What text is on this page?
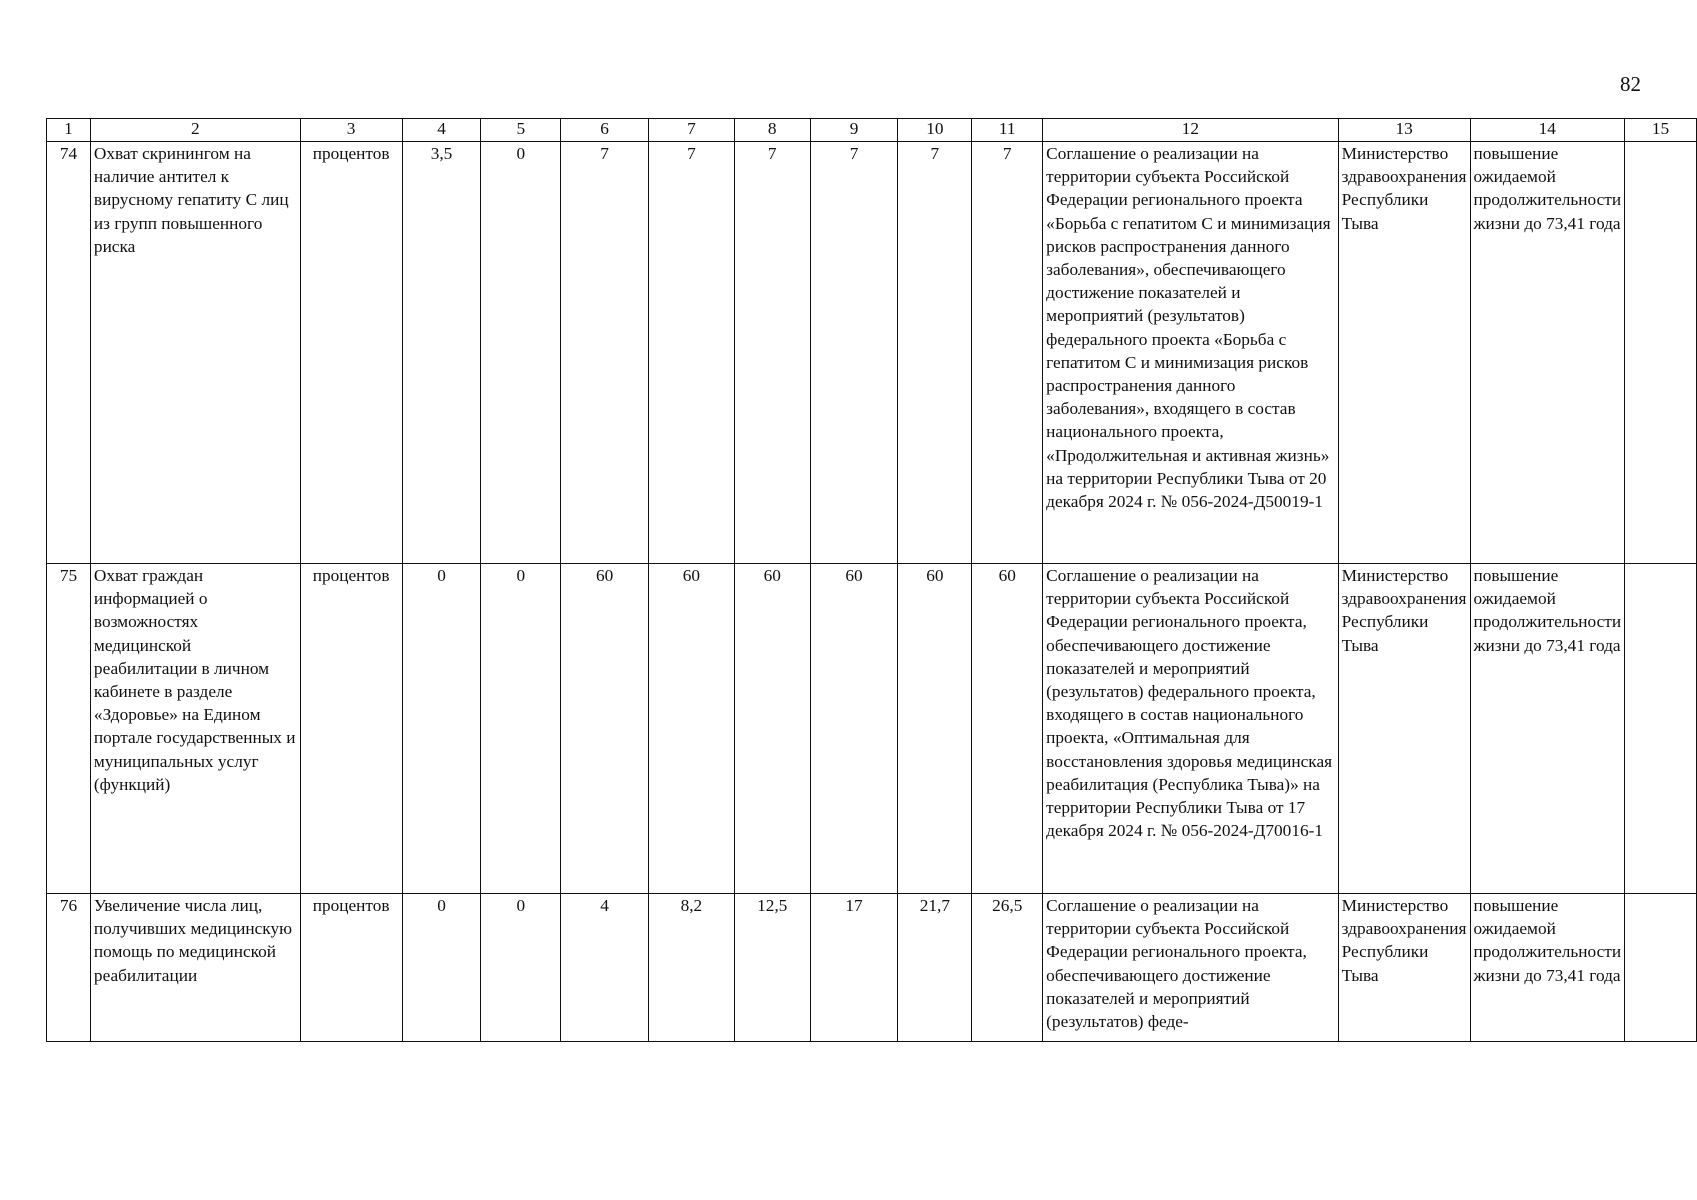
82
1	2	3	4	5	6	7	8	9	10	11	12	13	14	15
74	Охват скринингом на наличие антител к вирусному гепатиту С лиц из групп повышенного риска	процентов	3,5	0	7	7	7	7	7	7	Соглашение о реализации на территории субъекта Российской Федерации регионального проекта «Борьба с гепатитом С и минимизация рисков распространения данного заболевания», обеспечивающего достижение показателей и мероприятий (результатов) федерального проекта «Борьба с гепатитом С и минимизация рисков распространения данного заболевания», входящего в состав национального проекта, «Продолжительная и активная жизнь» на территории Республики Тыва от 20 декабря 2024 г. № 056-2024-Д50019-1	Министерство здравоохранения Республики Тыва	повышение ожидаемой продолжительности жизни до 73,41 года	
75	Охват граждан информацией о возможностях медицинской реабилитации в личном кабинете в разделе «Здоровье» на Едином портале государственных и муниципальных услуг (функций)	процентов	0	0	60	60	60	60	60	60	Соглашение о реализации на территории субъекта Российской Федерации регионального проекта, обеспечивающего достижение показателей и мероприятий (результатов) федерального проекта, входящего в состав национального проекта, «Оптимальная для восстановления здоровья медицинская реабилитация (Республика Тыва)» на территории Республики Тыва от 17 декабря 2024 г. № 056-2024-Д70016-1	Министерство здравоохранения Республики Тыва	повышение ожидаемой продолжительности жизни до 73,41 года	
76	Увеличение числа лиц, получивших медицинскую помощь по медицинской реабилитации	процентов	0	0	4	8,2	12,5	17	21,7	26,5	Соглашение о реализации на территории субъекта Российской Федерации регионального проекта, обеспечивающего достижение показателей и мероприятий (результатов) феде-	Министерство здравоохранения Республики Тыва	повышение ожидаемой продолжительности жизни до 73,41 года	
